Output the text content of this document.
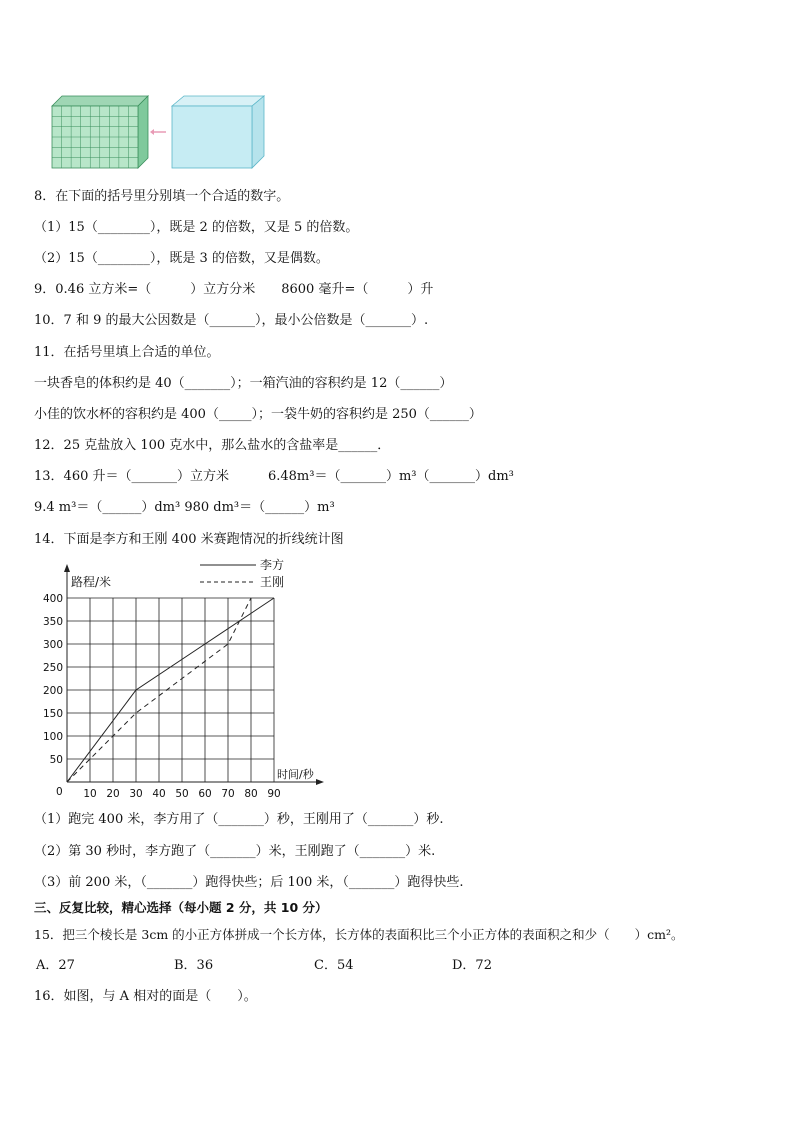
8．在下面的括号里分别填一个合适的数字。
（1）15（________），既是 2 的倍数，又是 5 的倍数。
（2）15（________），既是 3 的倍数，又是偶数。
9．0.46 立方米=（　　　）立方分米　　8600 毫升=（　　　）升
10．7 和 9 的最大公因数是（_______），最小公倍数是（_______）.
11．在括号里填上合适的单位。
一块香皂的体积约是 40（_______）；一箱汽油的容积约是 12（______）
小佳的饮水杯的容积约是 400（_____）；一袋牛奶的容积约是 250（______）
12．25 克盐放入 100 克水中，那么盐水的含盐率是______．
13．460 升＝（_______）立方米　　　6.48m³＝（_______）m³（_______）dm³
9.4 m³＝（______）dm³ 980 dm³＝（______）m³
14．下面是李方和王刚 400 米赛跑情况的折线统计图
路程/米
时间/秒
0 10 20 30 40 50 60 70 80 90
50
100
150
200
250
300
350
400
李方
王刚
（1）跑完 400 米，李方用了（_______）秒，王刚用了（_______）秒.
（2）第 30 秒时，李方跑了（_______）米，王刚跑了（_______）米.
（3）前 200 米，（_______）跑得快些；后 100 米，（_______）跑得快些.
三、反复比较，精心选择（每小题 2 分，共 10 分）
15．把三个棱长是 3cm 的小正方体拼成一个长方体，长方体的表面积比三个小正方体的表面积之和少（　　）cm²。
A．27	B．36	C．54	D．72
16．如图，与 A 相对的面是（　　）。
